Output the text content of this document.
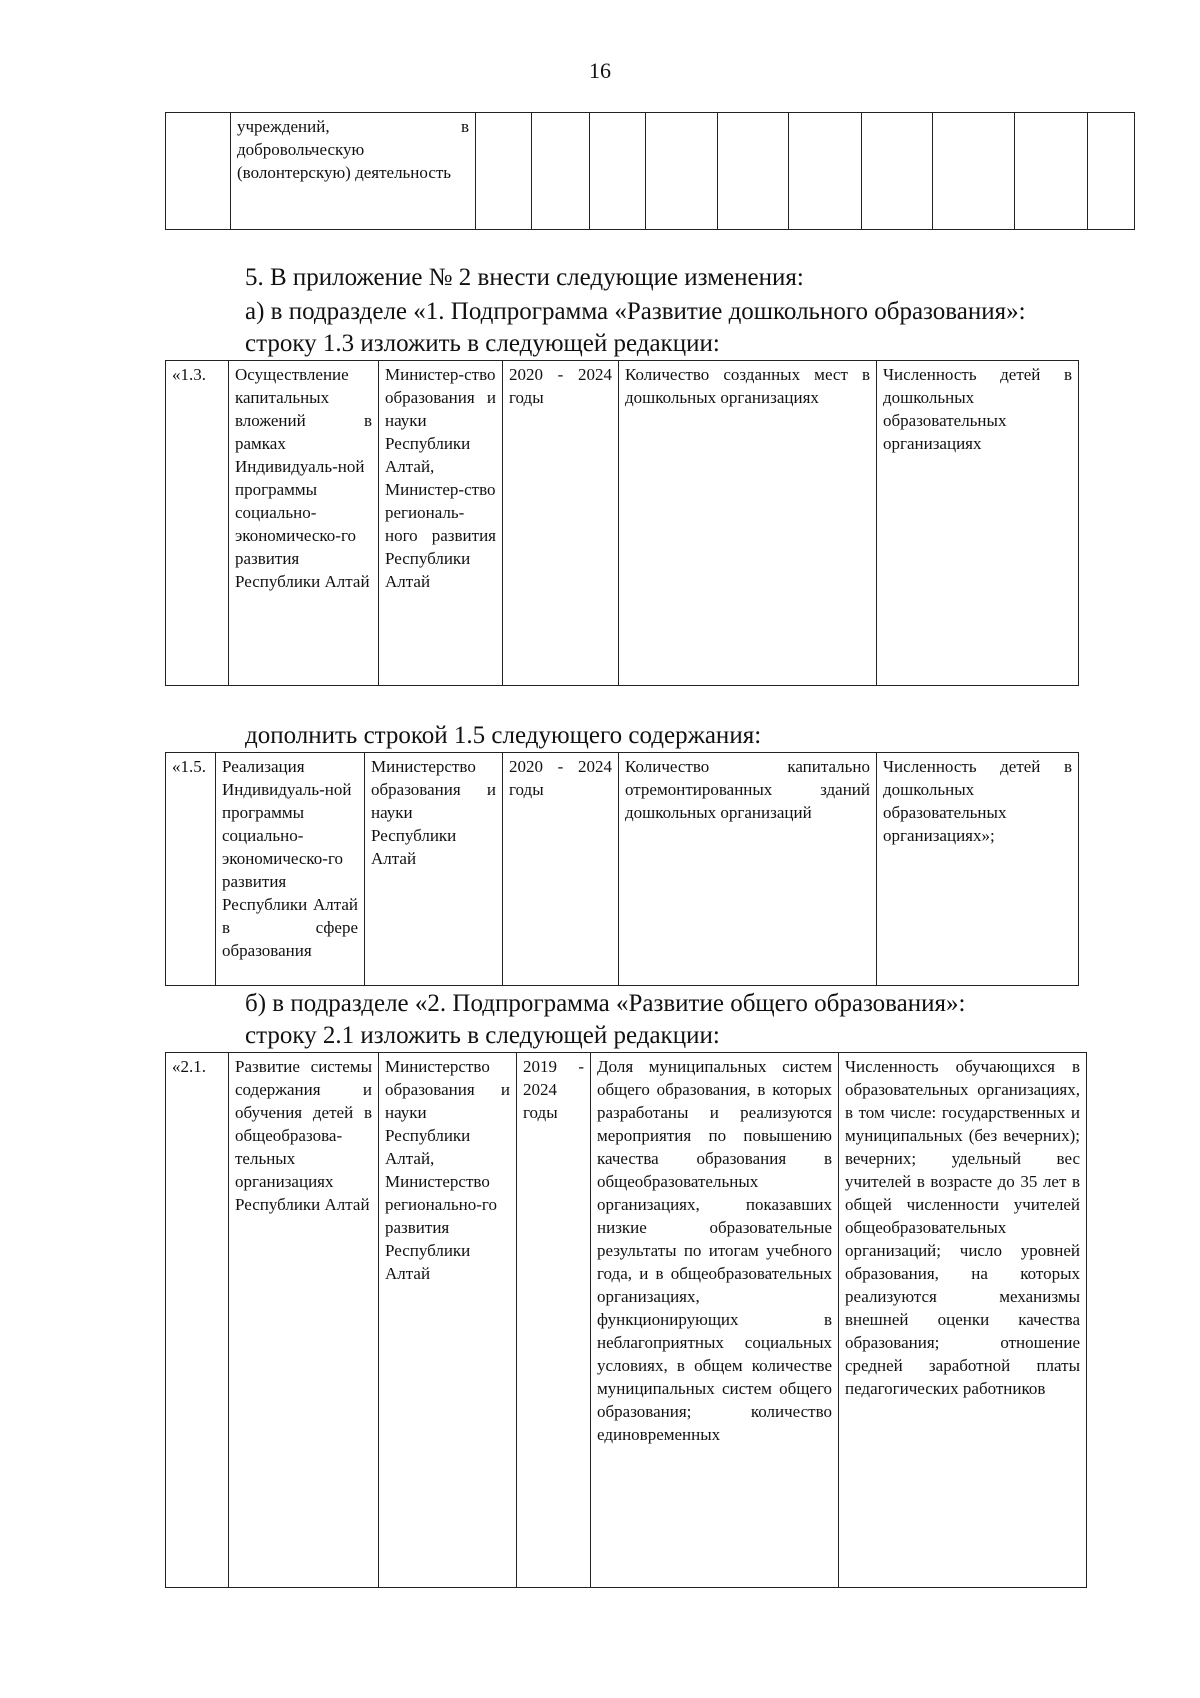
16
	учреждений, в добровольческую (волонтерскую) деятельность										
5. В приложение № 2 внести следующие изменения:
а) в подразделе «1. Подпрограмма «Развитие дошкольного образования»:
строку 1.3 изложить в следующей редакции:
«1.3.	Осуществление капитальных вложений в рамках Индивидуаль-ной программы социально-экономическо-го развития Республики Алтай	Министер-ство образования и науки Республики Алтай, Министер-ство региональ-ного развития Республики Алтай	2020 - 2024 годы	Количество созданных мест в дошкольных организациях	Численность детей в дошкольных образовательных организациях
дополнить строкой 1.5 следующего содержания:
«1.5.	Реализация Индивидуаль-ной программы социально-экономическо-го развития Республики Алтай в сфере образования	Министерство образования и науки Республики Алтай	2020 - 2024 годы	Количество капитально отремонтированных зданий дошкольных организаций	Численность детей в дошкольных образовательных организациях»;
б) в подразделе «2. Подпрограмма «Развитие общего образования»:
строку 2.1 изложить в следующей редакции:
«2.1.	Развитие системы содержания и обучения детей в общеобразова-тельных организациях Республики Алтай	Министерство образования и науки Республики Алтай, Министерство регионально-го развития Республики Алтай	2019 - 2024 годы	Доля муниципальных систем общего образования, в которых разработаны и реализуются мероприятия по повышению качества образования в общеобразовательных организациях, показавших низкие образовательные результаты по итогам учебного года, и в общеобразовательных организациях, функционирующих в неблагоприятных социальных условиях, в общем количестве муниципальных систем общего образования; количество единовременных	Численность обучающихся в образовательных организациях, в том числе: государственных и муниципальных (без вечерних); вечерних; удельный вес учителей в возрасте до 35 лет в общей численности учителей общеобразовательных организаций; число уровней образования, на которых реализуются механизмы внешней оценки качества образования; отношение средней заработной платы педагогических работников
